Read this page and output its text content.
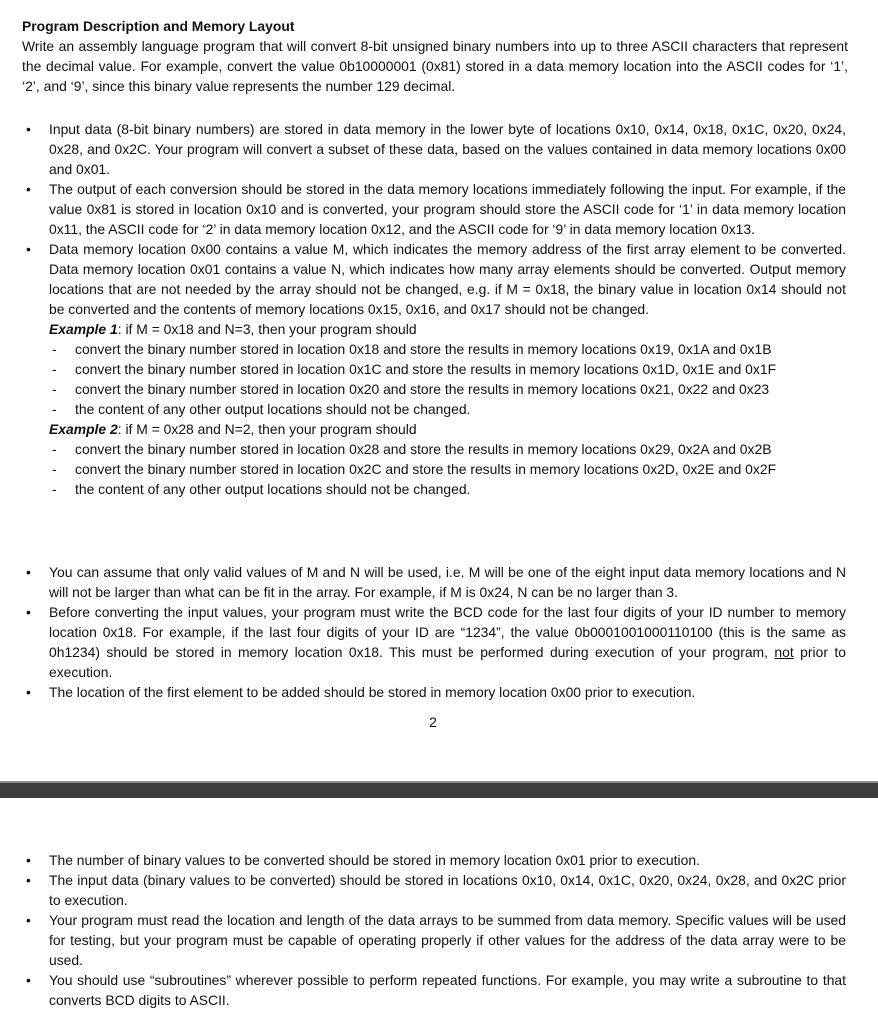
Program Description and Memory Layout
Write an assembly language program that will convert 8-bit unsigned binary numbers into up to three ASCII characters that represent the decimal value. For example, convert the value 0b10000001 (0x81) stored in a data memory location into the ASCII codes for ‘1’, ‘2’, and ‘9’, since this binary value represents the number 129 decimal.
• Input data (8-bit binary numbers) are stored in data memory in the lower byte of locations 0x10, 0x14, 0x18, 0x1C, 0x20, 0x24, 0x28, and 0x2C. Your program will convert a subset of these data, based on the values contained in data memory locations 0x00 and 0x01.
• The output of each conversion should be stored in the data memory locations immediately following the input. For example, if the value 0x81 is stored in location 0x10 and is converted, your program should store the ASCII code for ‘1’ in data memory location 0x11, the ASCII code for ‘2’ in data memory location 0x12, and the ASCII code for ‘9’ in data memory location 0x13.
• Data memory location 0x00 contains a value M, which indicates the memory address of the first array element to be converted. Data memory location 0x01 contains a value N, which indicates how many array elements should be converted. Output memory locations that are not needed by the array should not be changed, e.g. if M = 0x18, the binary value in location 0x14 should not be converted and the contents of memory locations 0x15, 0x16, and 0x17 should not be changed.
Example 1: if M = 0x18 and N=3, then your program should
- convert the binary number stored in location 0x18 and store the results in memory locations 0x19, 0x1A and 0x1B
- convert the binary number stored in location 0x1C and store the results in memory locations 0x1D, 0x1E and 0x1F
- convert the binary number stored in location 0x20 and store the results in memory locations 0x21, 0x22 and 0x23
- the content of any other output locations should not be changed.
Example 2: if M = 0x28 and N=2, then your program should
- convert the binary number stored in location 0x28 and store the results in memory locations 0x29, 0x2A and 0x2B
- convert the binary number stored in location 0x2C and store the results in memory locations 0x2D, 0x2E and 0x2F
- the content of any other output locations should not be changed.
• You can assume that only valid values of M and N will be used, i.e. M will be one of the eight input data memory locations and N will not be larger than what can be fit in the array. For example, if M is 0x24, N can be no larger than 3.
• Before converting the input values, your program must write the BCD code for the last four digits of your ID number to memory location 0x18. For example, if the last four digits of your ID are “1234”, the value 0b0001001000110100 (this is the same as 0h1234) should be stored in memory location 0x18. This must be performed during execution of your program, not prior to execution.
• The location of the first element to be added should be stored in memory location 0x00 prior to execution.
2
• The number of binary values to be converted should be stored in memory location 0x01 prior to execution.
• The input data (binary values to be converted) should be stored in locations 0x10, 0x14, 0x1C, 0x20, 0x24, 0x28, and 0x2C prior to execution.
• Your program must read the location and length of the data arrays to be summed from data memory. Specific values will be used for testing, but your program must be capable of operating properly if other values for the address of the data array were to be used.
• You should use “subroutines” wherever possible to perform repeated functions. For example, you may write a subroutine to that converts BCD digits to ASCII.
